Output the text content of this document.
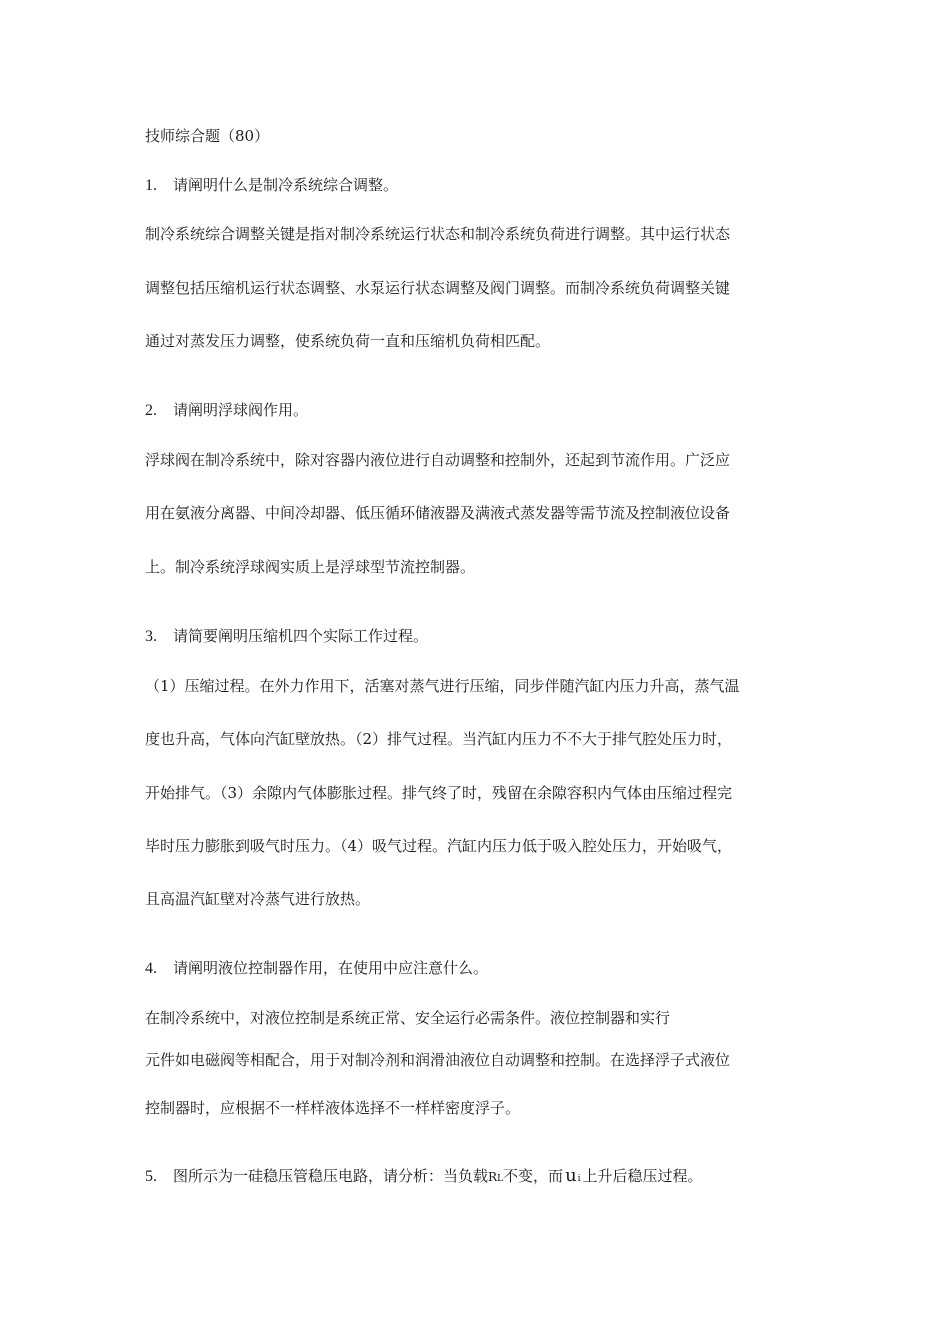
技师综合题（80）
1. 请阐明什么是制冷系统综合调整。
制冷系统综合调整关键是指对制冷系统运行状态和制冷系统负荷进行调整。其中运行状态
调整包括压缩机运行状态调整、水泵运行状态调整及阀门调整。而制冷系统负荷调整关键
通过对蒸发压力调整，使系统负荷一直和压缩机负荷相匹配。
2. 请阐明浮球阀作用。
浮球阀在制冷系统中，除对容器内液位进行自动调整和控制外，还起到节流作用。广泛应
用在氨液分离器、中间冷却器、低压循环储液器及满液式蒸发器等需节流及控制液位设备
上。制冷系统浮球阀实质上是浮球型节流控制器。
3. 请简要阐明压缩机四个实际工作过程。
（1）压缩过程。在外力作用下，活塞对蒸气进行压缩，同步伴随汽缸内压力升高，蒸气温
度也升高，气体向汽缸壁放热。（2）排气过程。当汽缸内压力不不大于排气腔处压力时，
开始排气。（3）余隙内气体膨胀过程。排气终了时，残留在余隙容积内气体由压缩过程完
毕时压力膨胀到吸气时压力。（4）吸气过程。汽缸内压力低于吸入腔处压力，开始吸气，
且高温汽缸壁对冷蒸气进行放热。
4. 请阐明液位控制器作用，在使用中应注意什么。
在制冷系统中，对液位控制是系统正常、安全运行必需条件。液位控制器和实行
元件如电磁阀等相配合，用于对制冷剂和润滑油液位自动调整和控制。在选择浮子式液位
控制器时，应根据不一样样液体选择不一样样密度浮子。
5. 图所示为一硅稳压管稳压电路，请分析：当负载RL不变，而 ui 上升后稳压过程。
